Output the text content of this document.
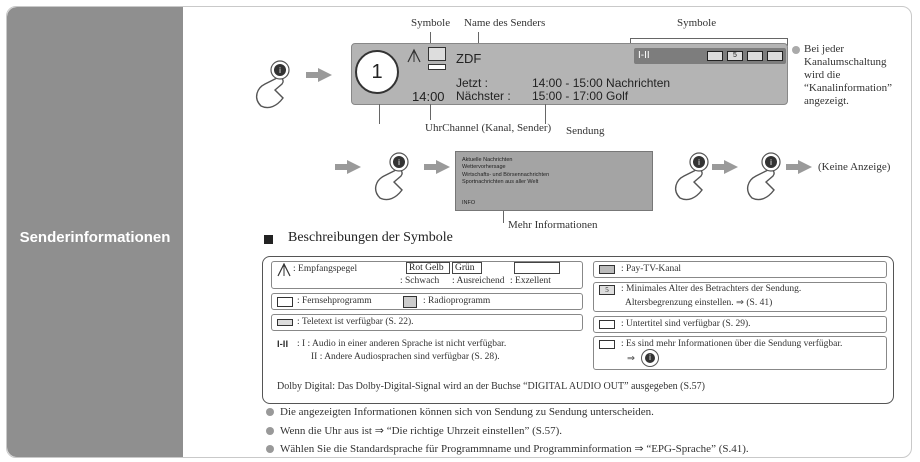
Senderinformationen
Symbole Name des Senders	Symbole
i	1
ZDF
14:00
Jetzt :	14:00 - 15:00 Nachrichten
Nächster : 15:00 - 17:00 Golf
I-II	5
Bei jeder
Kanalumschaltung
wird die
“Kanalinformation”
angezeigt.
UhrChannel (Kanal, Sender) Sendung
i	Aktuelle Nachrichten
Wettervorhersage
Wirtschafts- und Börsennachrichten
Sportnachrichten aus aller Welt
INFO
Mehr Informationen
i	i	(Keine Anzeige)
Beschreibungen der Symbole
: Empfangspegel	Rot Gelb	Grün
: Schwach : Ausreichend : Exzellent
: Fernsehprogramm	: Radioprogramm
: Teletext ist verfügbar (S. 22).
I-II : I : Audio in einer anderen Sprache ist nicht verfügbar.
II : Andere Audiosprachen sind verfügbar (S. 28).
: Pay-TV-Kanal
5	: Minimales Alter des Betrachters der Sendung.
Altersbegrenzung einstellen. ⇒ (S. 41)
: Untertitel sind verfügbar (S. 29).
: Es sind mehr Informationen über die Sendung verfügbar.
⇒	i
Dolby Digital: Das Dolby-Digital-Signal wird an der Buchse “DIGITAL AUDIO OUT” ausgegeben (S.57)
Die angezeigten Informationen können sich von Sendung zu Sendung unterscheiden.
Wenn die Uhr aus ist ⇒ “Die richtige Uhrzeit einstellen” (S.57).
Wählen Sie die Standardsprache für Programmname und Programminformation ⇒ “EPG-Sprache” (S.41).
